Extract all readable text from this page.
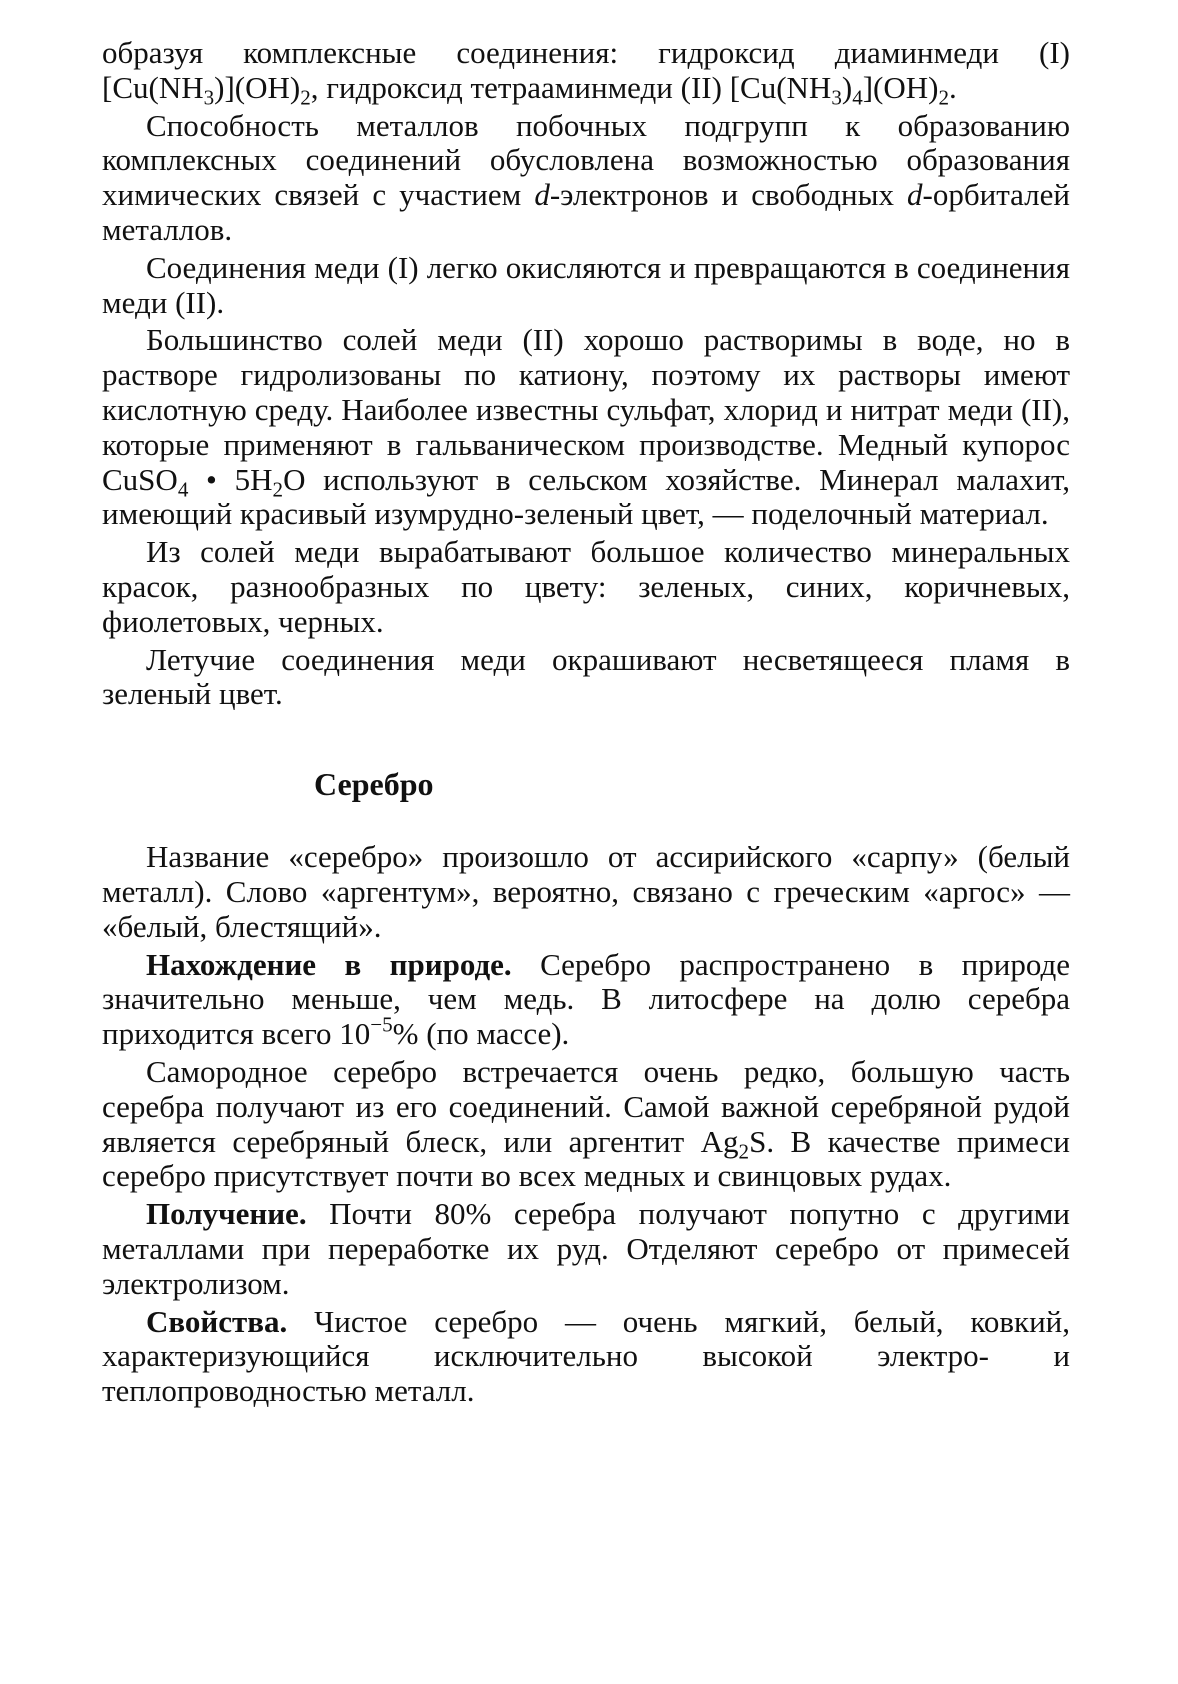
образуя комплексные соединения: гидроксид диаминмеди (I) $[Cu(NH_3)](OH)_2$, гидроксид тетрааминмеди (II) $[Cu(NH_3)_4](OH)_2$.

Способность металлов побочных подгрупп к образованию комплексных соединений обусловлена возможностью образования химических связей с участием d-электронов и свободных d-орбиталей металлов.

Соединения меди (I) легко окисляются и превращаются в соединения меди (II).

Большинство солей меди (II) хорошо растворимы в воде, но в растворе гидролизованы по катиону, поэтому их растворы имеют кислотную среду. Наиболее известны сульфат, хлорид и нитрат меди (II), которые применяют в гальваническом производстве. Медный купорос CuSO$_4$ • $5H_2O$ используют в сельском хозяйстве. Минерал малахит, имеющий красивый изумрудно-зеленый цвет, — поделочный материал.

Из солей меди вырабатывают большое количество минеральных красок, разнообразных по цвету: зеленых, синих, коричневых, фиолетовых, черных.

Летучие соединения меди окрашивают несветящееся пламя в зеленый цвет.

Серебро

Название «серебро» произошло от ассирийского «сарпу» (белый металл). Слово «аргентум», вероятно, связано с греческим «аргос» — «белый, блестящий».

Нахождение в природе. Серебро распространено в природе значительно меньше, чем медь. В литосфере на долю серебра приходится всего $10^{-5}\%$ (по массе).

Самородное серебро встречается очень редко, большую часть серебра получают из его соединений. Самой важной серебряной рудой является серебряный блеск, или аргентит $Ag_2S$. В качестве примеси серебро присутствует почти во всех медных и свинцовых рудах.

Получение. Почти 80% серебра получают попутно с другими металлами при переработке их руд. Отделяют серебро от примесей электролизом.

Свойства. Чистое серебро — очень мягкий, белый, ковкий, характеризующийся исключительно высокой электро- и теплопроводностью металл.
